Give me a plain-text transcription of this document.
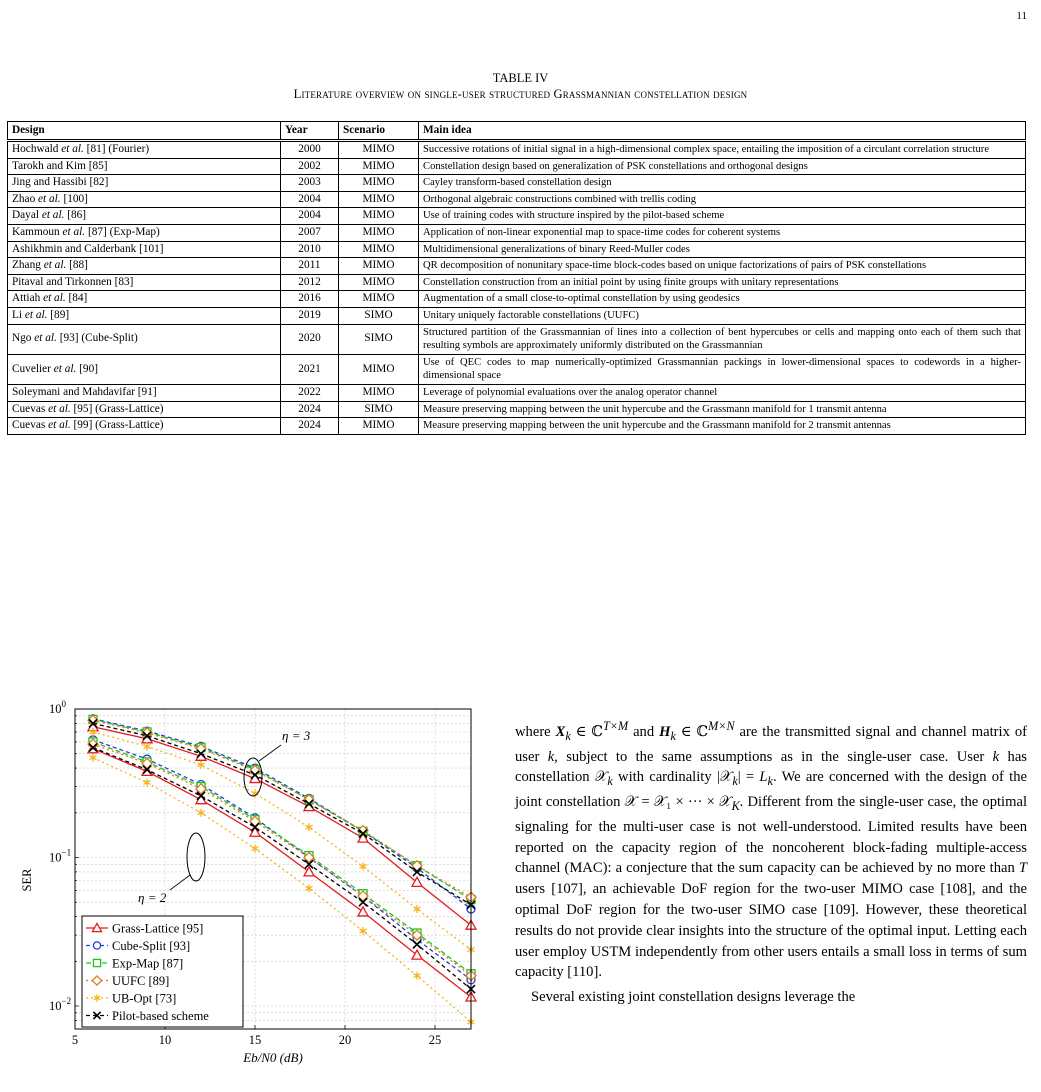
11
TABLE IV
Literature overview on single-user structured Grassmannian constellation design
Design	Year	Scenario	Main idea
Hochwald et al. [81] (Fourier)	2000	MIMO	Successive rotations of initial signal in a high-dimensional complex space, entailing the imposition of a circulant correlation structure
Tarokh and Kim [85]	2002	MIMO	Constellation design based on generalization of PSK constellations and orthogonal designs
Jing and Hassibi [82]	2003	MIMO	Cayley transform-based constellation design
Zhao et al. [100]	2004	MIMO	Orthogonal algebraic constructions combined with trellis coding
Dayal et al. [86]	2004	MIMO	Use of training codes with structure inspired by the pilot-based scheme
Kammoun et al. [87] (Exp-Map)	2007	MIMO	Application of non-linear exponential map to space-time codes for coherent systems
Ashikhmin and Calderbank [101]	2010	MIMO	Multidimensional generalizations of binary Reed-Muller codes
Zhang et al. [88]	2011	MIMO	QR decomposition of nonunitary space-time block-codes based on unique factorizations of pairs of PSK constellations
Pitaval and Tirkonnen [83]	2012	MIMO	Constellation construction from an initial point by using finite groups with unitary representations
Attiah et al. [84]	2016	MIMO	Augmentation of a small close-to-optimal constellation by using geodesics
Li et al. [89]	2019	SIMO	Unitary uniquely factorable constellations (UUFC)
Ngo et al. [93] (Cube-Split)	2020	SIMO	Structured partition of the Grassmannian of lines into a collection of bent hypercubes or cells and mapping onto each of them such that resulting symbols are approximately uniformly distributed on the Grassmannian
Cuvelier et al. [90]	2021	MIMO	Use of QEC codes to map numerically-optimized Grassmannian packings in lower-dimensional spaces to codewords in a higher-dimensional space
Soleymani and Mahdavifar [91]	2022	MIMO	Leverage of polynomial evaluations over the analog operator channel
Cuevas et al. [95] (Grass-Lattice)	2024	SIMO	Measure preserving mapping between the unit hypercube and the Grassmann manifold for 1 transmit antenna
Cuevas et al. [99] (Grass-Lattice)	2024	MIMO	Measure preserving mapping between the unit hypercube and the Grassmann manifold for 2 transmit antennas
5	10	15	20	25
$10^0$
$10^{-1}$
$10^{-2}$
η = 3
η = 2
SER
Eb/N0 (dB)
Grass-Lattice [95]
Cube-Split [93]
Exp-Map [87]
UUFC [89]
UB-Opt [73]
Pilot-based scheme

where $X_k$ ∈ ℂ$^{T\times M}$ and $H_k$ ∈ ℂ$^{M\times N}$ are the transmitted signal and channel matrix of user k, subject to the same assumptions as in the single-user case. User k has constellation 𝒳$_k$ with cardinality |𝒳$_k$| = $L_k$. We are concerned with the design of the joint constellation 𝒳 = 𝒳₁ × ··· × 𝒳$_K$. Different from the single-user case, the optimal signaling for the multi-user case is not well-understood. Limited results have been reported on the capacity region of the noncoherent block-fading multiple-access channel (MAC): a conjecture that the sum capacity can be achieved by no more than T users [107], an achievable DoF region for the two-user MIMO case [108], and the optimal DoF region for the two-user SIMO case [109]. However, these theoretical results do not provide clear insights into the structure of the optimal input. Letting each user employ USTM independently from other users entails a small loss in terms of sum capacity [110].

Several existing joint constellation designs leverage the
